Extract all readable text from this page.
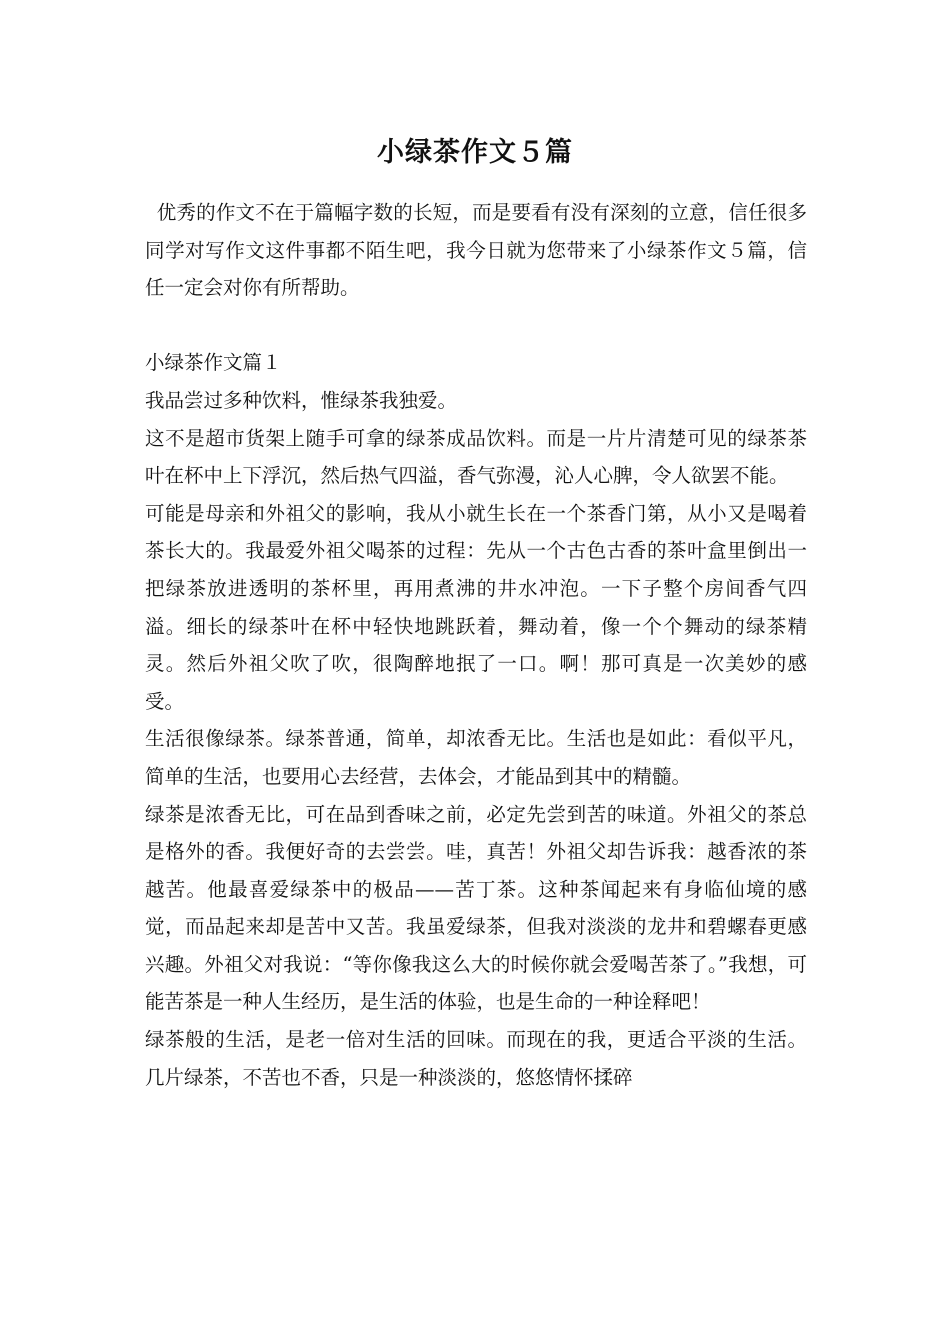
小绿茶作文５篇

优秀的作文不在于篇幅字数的长短，而是要看有没有深刻的立意，信任很多同学对写作文这件事都不陌生吧，我今日就为您带来了小绿茶作文５篇，信任一定会对你有所帮助。

小绿茶作文篇１

我品尝过多种饮料，惟绿茶我独爱。

这不是超市货架上随手可拿的绿茶成品饮料。而是一片片清楚可见的绿茶茶叶在杯中上下浮沉，然后热气四溢，香气弥漫，沁人心脾，令人欲罢不能。

可能是母亲和外祖父的影响，我从小就生长在一个茶香门第，从小又是喝着茶长大的。我最爱外祖父喝茶的过程：先从一个古色古香的茶叶盒里倒出一把绿茶放进透明的茶杯里，再用煮沸的井水冲泡。一下子整个房间香气四溢。细长的绿茶叶在杯中轻快地跳跃着，舞动着，像一个个舞动的绿茶精灵。然后外祖父吹了吹，很陶醉地抿了一口。啊！那可真是一次美妙的感受。

生活很像绿茶。绿茶普通，简单，却浓香无比。生活也是如此：看似平凡，简单的生活，也要用心去经营，去体会，才能品到其中的精髓。

绿茶是浓香无比，可在品到香味之前，必定先尝到苦的味道。外祖父的茶总是格外的香。我便好奇的去尝尝。哇，真苦！外祖父却告诉我：越香浓的茶越苦。他最喜爱绿茶中的极品——苦丁茶。这种茶闻起来有身临仙境的感觉，而品起来却是苦中又苦。我虽爱绿茶，但我对淡淡的龙井和碧螺春更感兴趣。外祖父对我说：“等你像我这么大的时候你就会爱喝苦茶了。”我想，可能苦茶是一种人生经历，是生活的体验，也是生命的一种诠释吧！

绿茶般的生活，是老一倍对生活的回味。而现在的我，更适合平淡的生活。几片绿茶，不苦也不香，只是一种淡淡的，悠悠情怀揉碎
